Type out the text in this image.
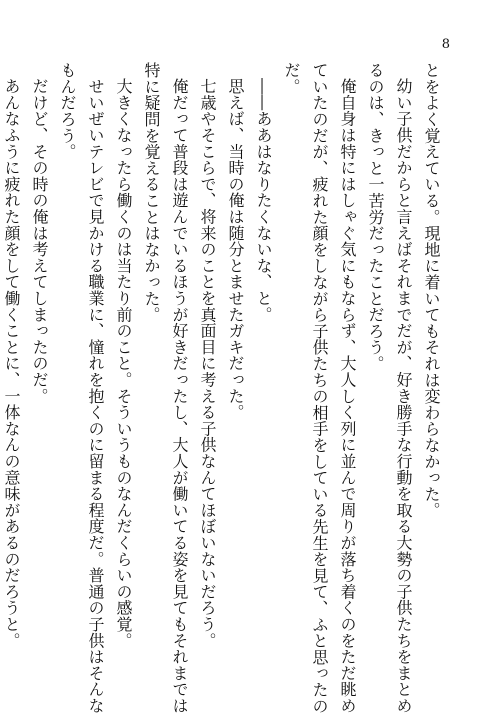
8
とをよく覚えている。現地に着いてもそれは変わらなかった。
幼い子供だからと言えばそれまでだが、好き勝手な行動を取る大勢の子供たちをまとめ
るのは、きっと一苦労だったことだろう。
俺自身は特にはしゃぐ気にもならず、大人しく列に並んで周りが落ち着くのをただ眺め
ていたのだが、疲れた顔をしながら子供たちの相手をしている先生を見て、ふと思ったの
だ。
――ああはなりたくないな、と。
思えば、当時の俺は随分とませたガキだった。
七歳やそこらで、将来のことを真面目に考える子供なんてほぼいないだろう。
俺だって普段は遊んでいるほうが好きだったし、大人が働いてる姿を見てもそれまでは
特に疑問を覚えることはなかった。
大きくなったら働くのは当たり前のこと。そういうものなんだくらいの感覚。
せいぜいテレビで見かける職業に、憧れを抱くのに留まる程度だ。普通の子供はそんな
もんだろう。
だけど、その時の俺は考えてしまったのだ。
あんなふうに疲れた顔をして働くことに、一体なんの意味があるのだろうと。
